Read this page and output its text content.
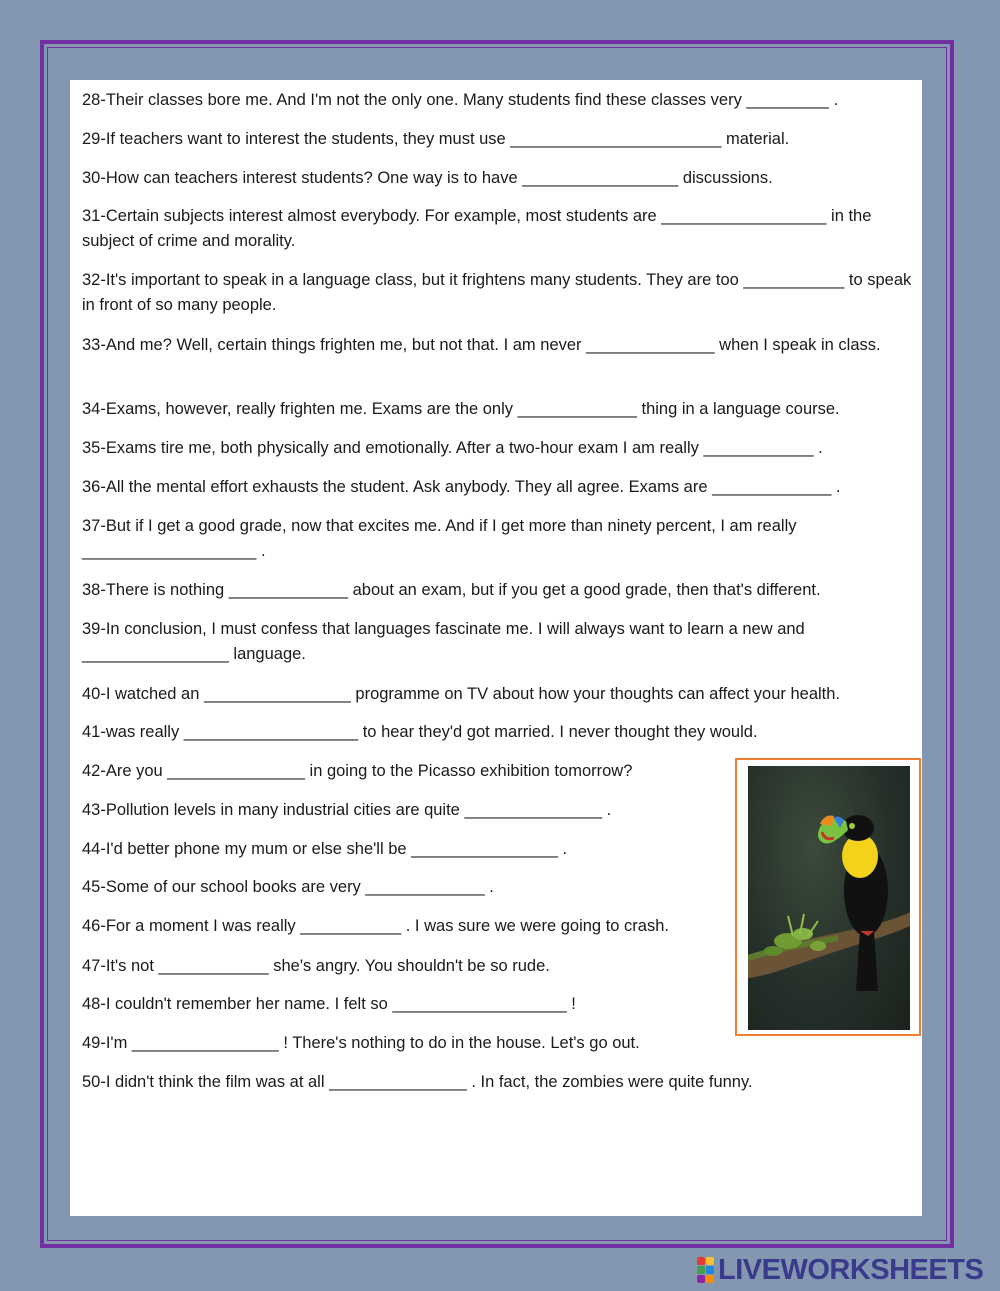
28-Their classes bore me. And I'm not the only one. Many students find these classes very _________ .
29-If teachers want to interest the students, they must use _______________________ material.
30-How can teachers interest students? One way is to have _________________ discussions.
31-Certain subjects interest almost everybody. For example, most students are __________________ in the subject of crime and morality.
32-It's important to speak in a language class, but it frightens many students. They are too ___________ to speak in front of so many people.
33-And me? Well, certain things frighten me, but not that. I am never ______________ when I speak in class.
34-Exams, however, really frighten me. Exams are the only _____________ thing in a language course.
35-Exams tire me, both physically and emotionally. After a two-hour exam I am really ____________ .
36-All the mental effort exhausts the student. Ask anybody. They all agree. Exams are _____________ .
37-But if I get a good grade, now that excites me. And if I get more than ninety percent, I am really ___________________ .
38-There is nothing _____________ about an exam, but if you get a good grade, then that's different.
39-In conclusion, I must confess that languages fascinate me. I will always want to learn a new and ________________ language.
40-I watched an ________________ programme on TV about how your thoughts can affect your health.
41-was really ___________________ to hear they'd got married. I never thought they would.
42-Are you _______________ in going to the Picasso exhibition tomorrow?
43-Pollution levels in many industrial cities are quite _______________ .
44-I'd better phone my mum or else she'll be ________________ .
45-Some of our school books are very _____________ .
46-For a moment I was really ___________ . I was sure we were going to crash.
47-It's not ____________ she's angry. You shouldn't be so rude.
48-I couldn't remember her name. I felt so ___________________ !
49-I'm ________________ ! There's nothing to do in the house. Let's go out.
50-I didn't think the film was at all _______________ . In fact, the zombies were quite funny.
LIVEWORKSHEETS
